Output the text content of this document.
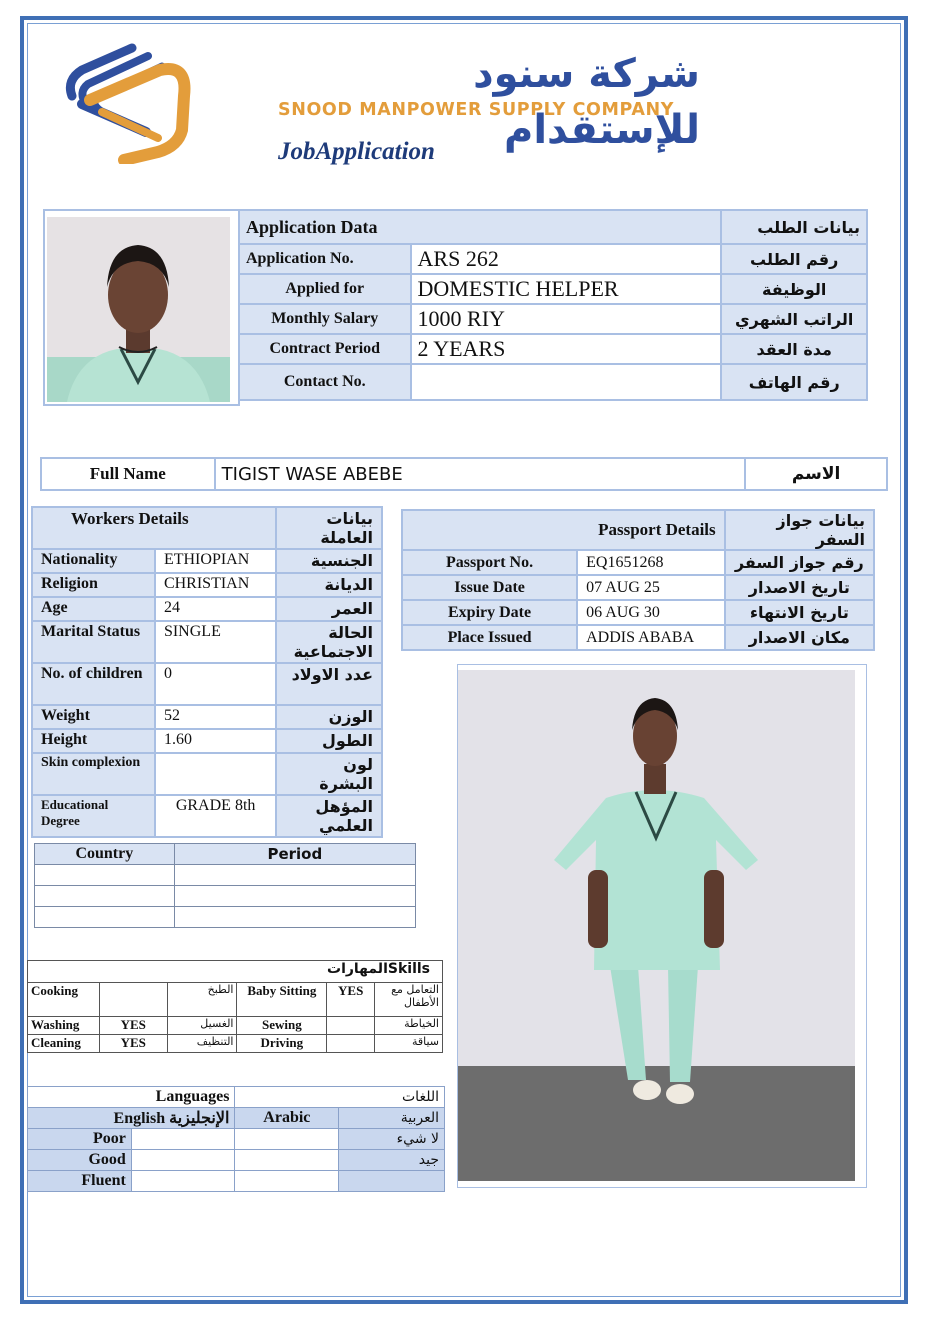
شركة سنود للإستقدام
SNOOD MANPOWER SUPPLY COMPANY
JobApplication
Application Data		بيانات الطلب
Application No.	ARS 262	رقم الطلب
Applied for	DOMESTIC HELPER	الوظيفة
Monthly Salary	1000 RIY	الراتب الشهري
Contract Period	2 YEARS	مدة العقد
Contact No.		رقم الهاتف
Full Name	TIGIST WASE ABEBE	الاسم
Workers Details		بيانات العاملة
Nationality	ETHIOPIAN	الجنسية
Religion	CHRISTIAN	الديانة
Age	24	العمر
Marital Status	SINGLE	الحالة الاجتماعية
No. of children	0	عدد الاولاد
Weight	52	الوزن
Height	1.60	الطول
Skin complexion		لون البشرة
Educational Degree	GRADE 8th	المؤهل العلمي
Passport Details		بيانات جواز السفر
Passport No.	EQ1651268	رقم جواز السفر
Issue Date	07 AUG 25	تاريخ الاصدار
Expiry Date	06 AUG 30	تاريخ الانتهاء
Place Issued	ADDIS ABABA	مكان الاصدار
Country	Period

المهاراتSkills					
Cooking		الطبخ	Baby Sitting	YES	التعامل مع الأطفال
Washing	YES	الغسيل	Sewing		الخياطة
Cleaning	YES	التنظيف	Driving		سياقة
Languages		اللغات	
English الإنجليزية		Arabic	العربية
Poor			لا شيء
Good			جيد
Fluent			
